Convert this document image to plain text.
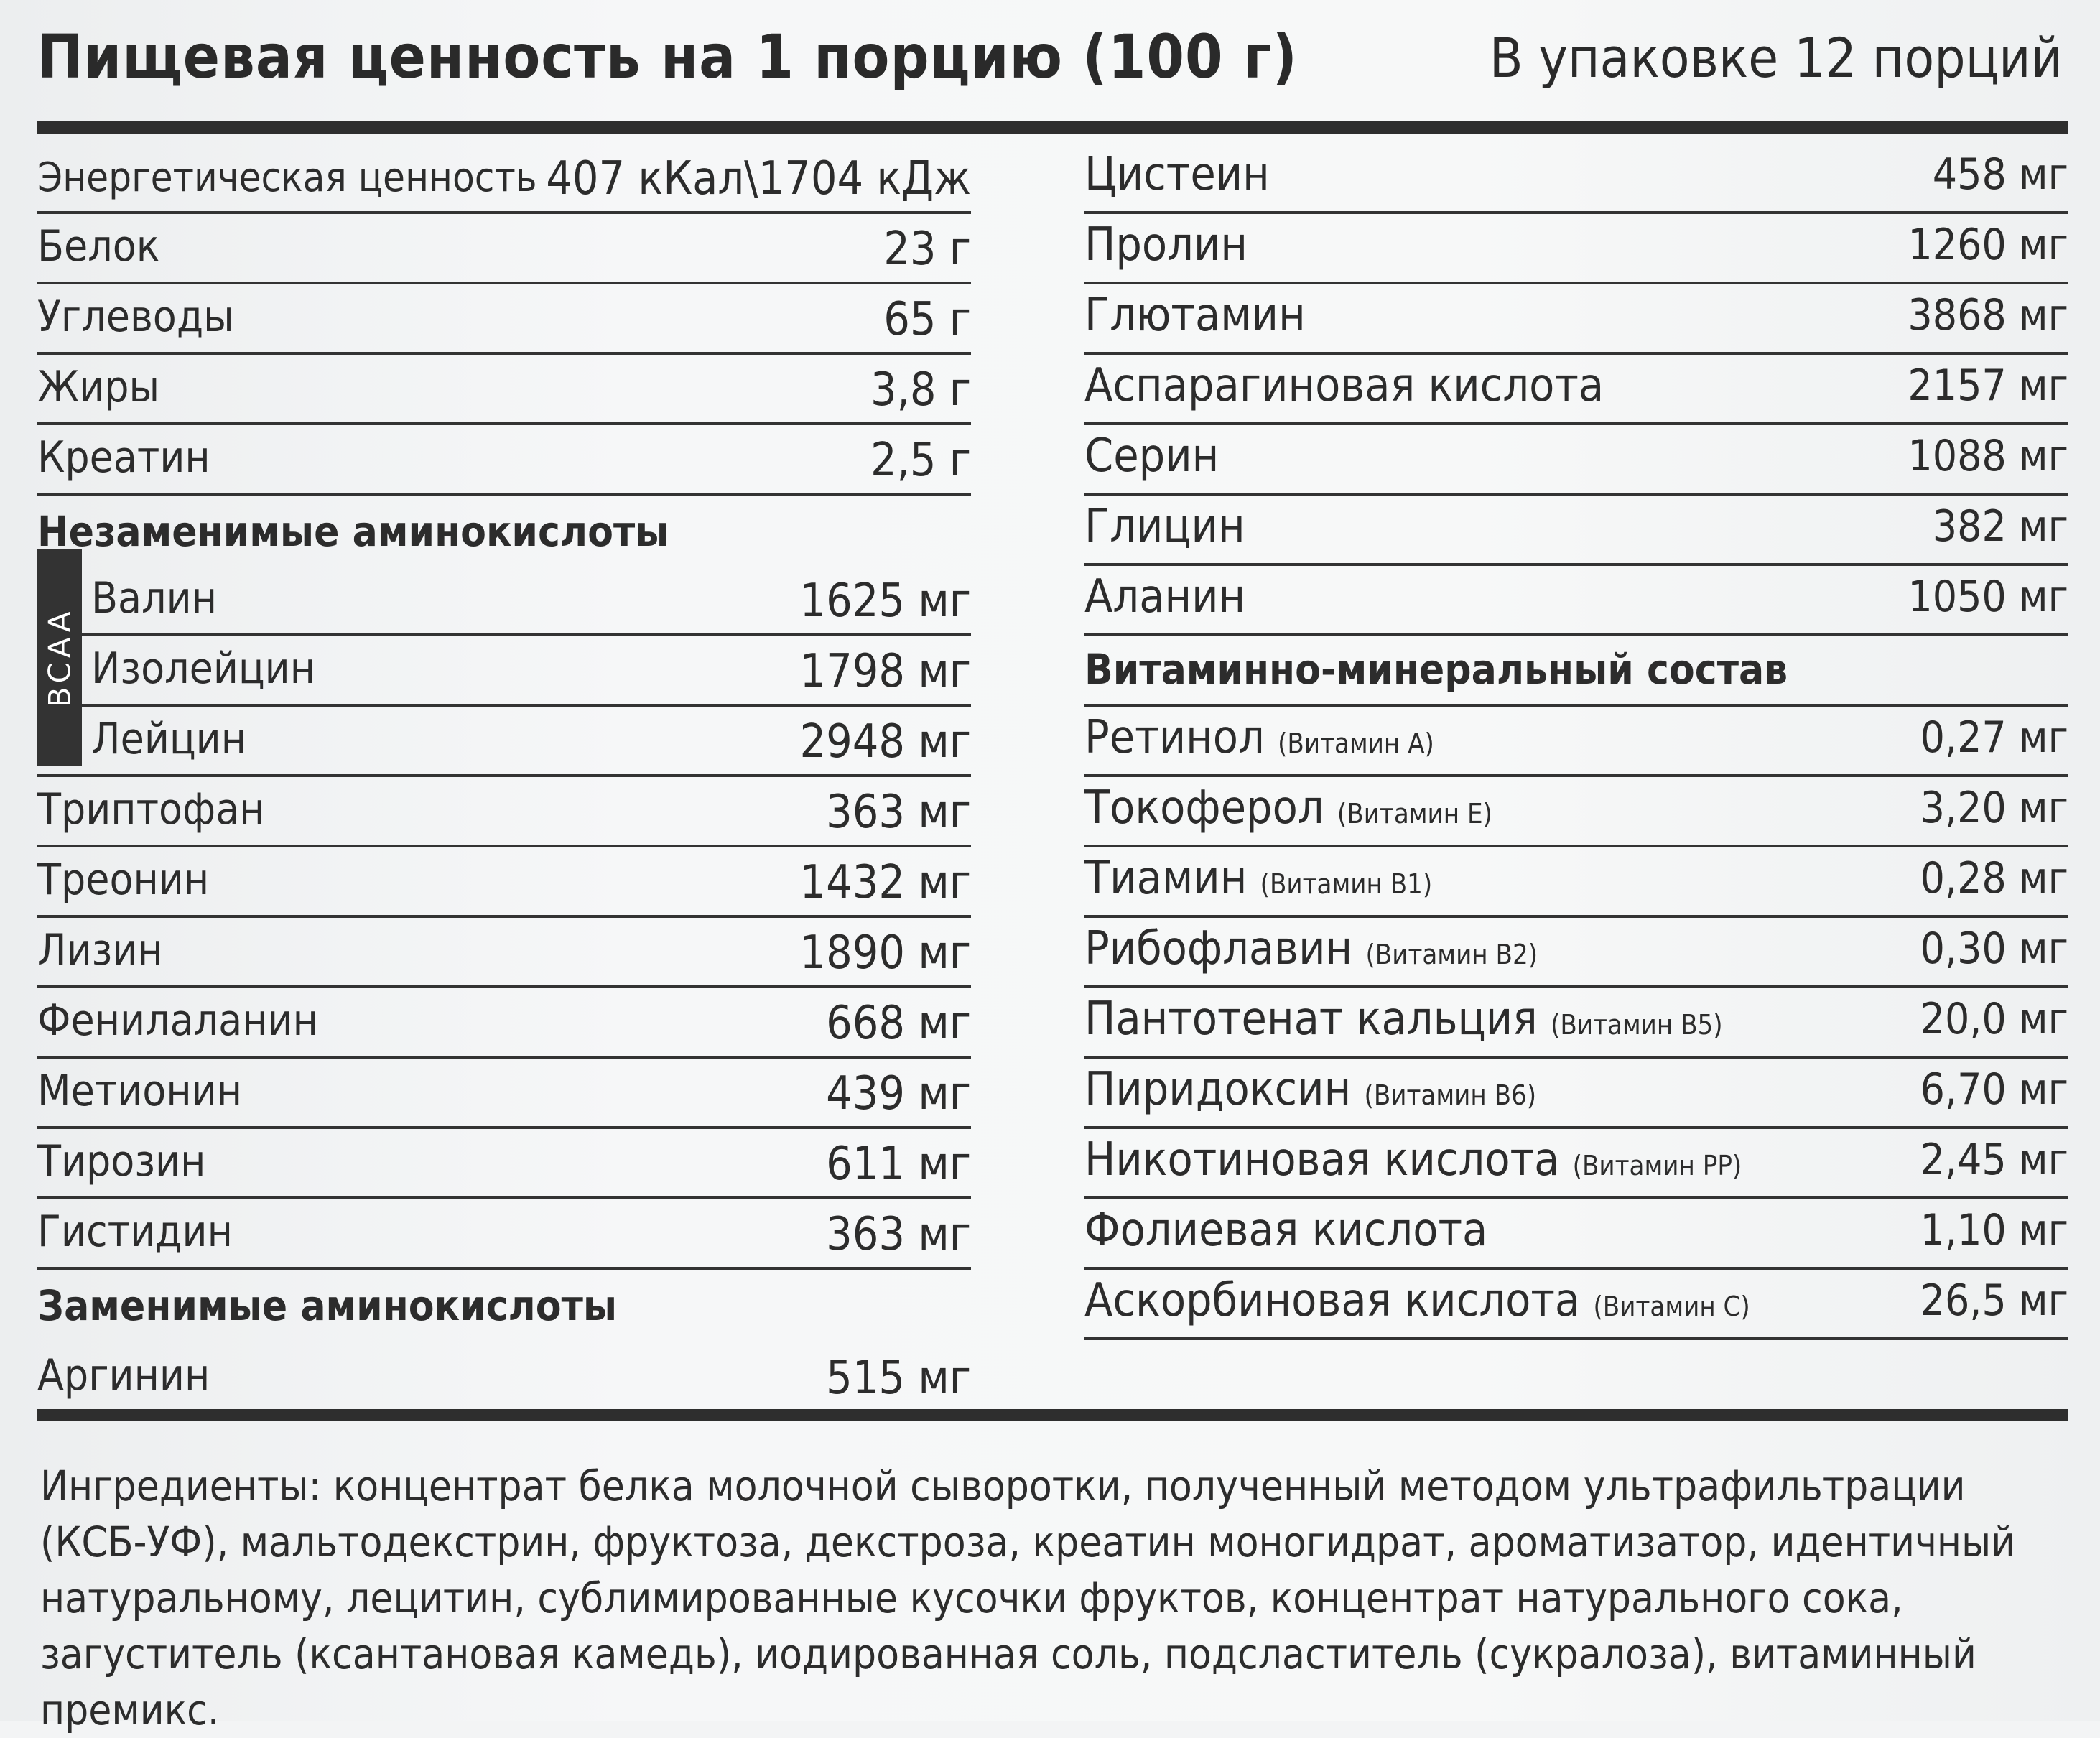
Пищевая ценность на 1 порцию (100 г)	В упаковке 12 порций
BCAA
Энергетическая ценность 407 кКал\1704 кДж
Белок	23 г
Углеводы	65 г
Жиры	3,8 г
Креатин	2,5 г
Незаменимые аминокислоты
Валин	1625 мг
Изолейцин	1798 мг
Лейцин	2948 мг
Триптофан	363 мг
Треонин	1432 мг
Лизин	1890 мг
Фенилаланин	668 мг
Метионин	439 мг
Тирозин	611 мг
Гистидин	363 мг
Заменимые аминокислоты
Аргинин	515 мг
Цистеин	458 мг
Пролин	1260 мг
Глютамин	3868 мг
Аспарагиновая кислота	2157 мг
Серин	1088 мг
Глицин	382 мг
Аланин	1050 мг
Витаминно-минеральный состав
Ретинол (Витамин А)	0,27 мг
Токоферол (Витамин Е)	3,20 мг
Тиамин (Витамин В1)	0,28 мг
Рибофлавин (Витамин В2)	0,30 мг
Пантотенат кальция (Витамин В5)	20,0 мг
Пиридоксин (Витамин В6)	6,70 мг
Никотиновая кислота (Витамин РР)	2,45 мг
Фолиевая кислота	1,10 мг
Аскорбиновая кислота (Витамин С)	26,5 мг
Ингредиенты: концентрат белка молочной сыворотки, полученный методом ультрафильтрации (КСБ-УФ), мальтодекстрин, фруктоза, декстроза, креатин моногидрат, ароматизатор, идентичный натуральному, лецитин, сублимированные кусочки фруктов, концентрат натурального сока, загуститель (ксантановая камедь), иодированная соль, подсластитель (сукралоза), витаминный премикс.
